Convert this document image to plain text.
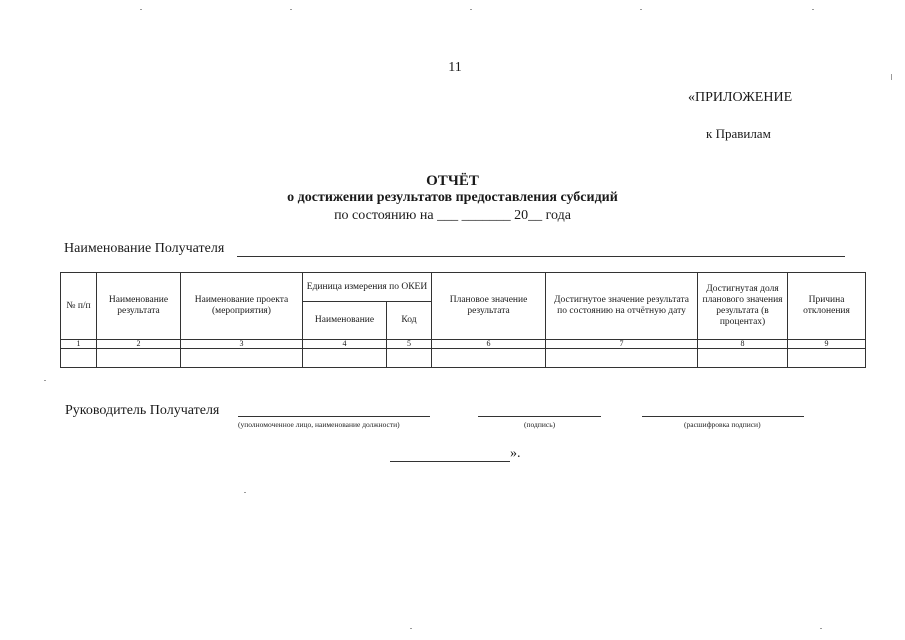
11
«ПРИЛОЖЕНИЕ
к Правилам
ОТЧЁТ
о достижении результатов предоставления субсидий
по состоянию на ___ _______ 20__ года
Наименование Получателя
№ п/п	Наименование результата	Наименование проекта (мероприятия)	Единица измерения по ОКЕИ		Плановое значение результата	Достигнутое значение результата по состоянию на отчётную дату	Достигнутая доля планового значения результата (в процентах)	Причина отклонения
			Наименование	Код				
1	2	3	4	5	6	7	8	9

Руководитель Получателя
(уполномоченное лицо, наименование должности)	(подпись)	(расшифровка подписи)
».
